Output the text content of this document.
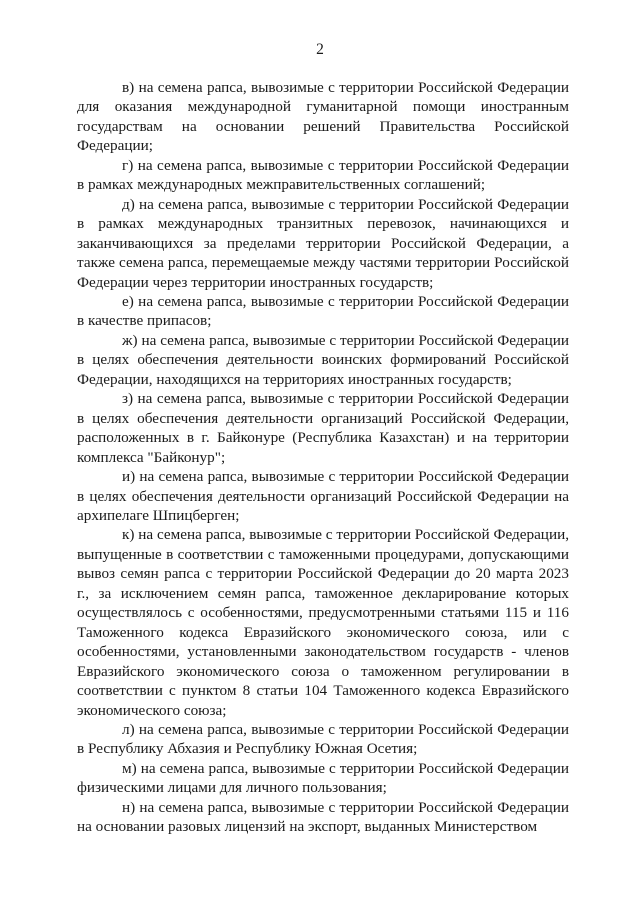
2

в) на семена рапса, вывозимые с территории Российской Федерации для оказания международной гуманитарной помощи иностранным государствам на основании решений Правительства Российской Федерации;

г) на семена рапса, вывозимые с территории Российской Федерации в рамках международных межправительственных соглашений;

д) на семена рапса, вывозимые с территории Российской Федерации в рамках международных транзитных перевозок, начинающихся и заканчивающихся за пределами территории Российской Федерации, а также семена рапса, перемещаемые между частями территории Российской Федерации через территории иностранных государств;

е) на семена рапса, вывозимые с территории Российской Федерации в качестве припасов;

ж) на семена рапса, вывозимые с территории Российской Федерации в целях обеспечения деятельности воинских формирований Российской Федерации, находящихся на территориях иностранных государств;

з) на семена рапса, вывозимые с территории Российской Федерации в целях обеспечения деятельности организаций Российской Федерации, расположенных в г. Байконуре (Республика Казахстан) и на территории комплекса "Байконур";

и) на семена рапса, вывозимые с территории Российской Федерации в целях обеспечения деятельности организаций Российской Федерации на архипелаге Шпицберген;

к) на семена рапса, вывозимые с территории Российской Федерации, выпущенные в соответствии с таможенными процедурами, допускающими вывоз семян рапса с территории Российской Федерации до 20 марта 2023 г., за исключением семян рапса, таможенное декларирование которых осуществлялось с особенностями, предусмотренными статьями 115 и 116 Таможенного кодекса Евразийского экономического союза, или с особенностями, установленными законодательством государств - членов Евразийского экономического союза о таможенном регулировании в соответствии с пунктом 8 статьи 104 Таможенного кодекса Евразийского экономического союза;

л) на семена рапса, вывозимые с территории Российской Федерации в Республику Абхазия и Республику Южная Осетия;

м) на семена рапса, вывозимые с территории Российской Федерации физическими лицами для личного пользования;

н) на семена рапса, вывозимые с территории Российской Федерации на основании разовых лицензий на экспорт, выданных Министерством
